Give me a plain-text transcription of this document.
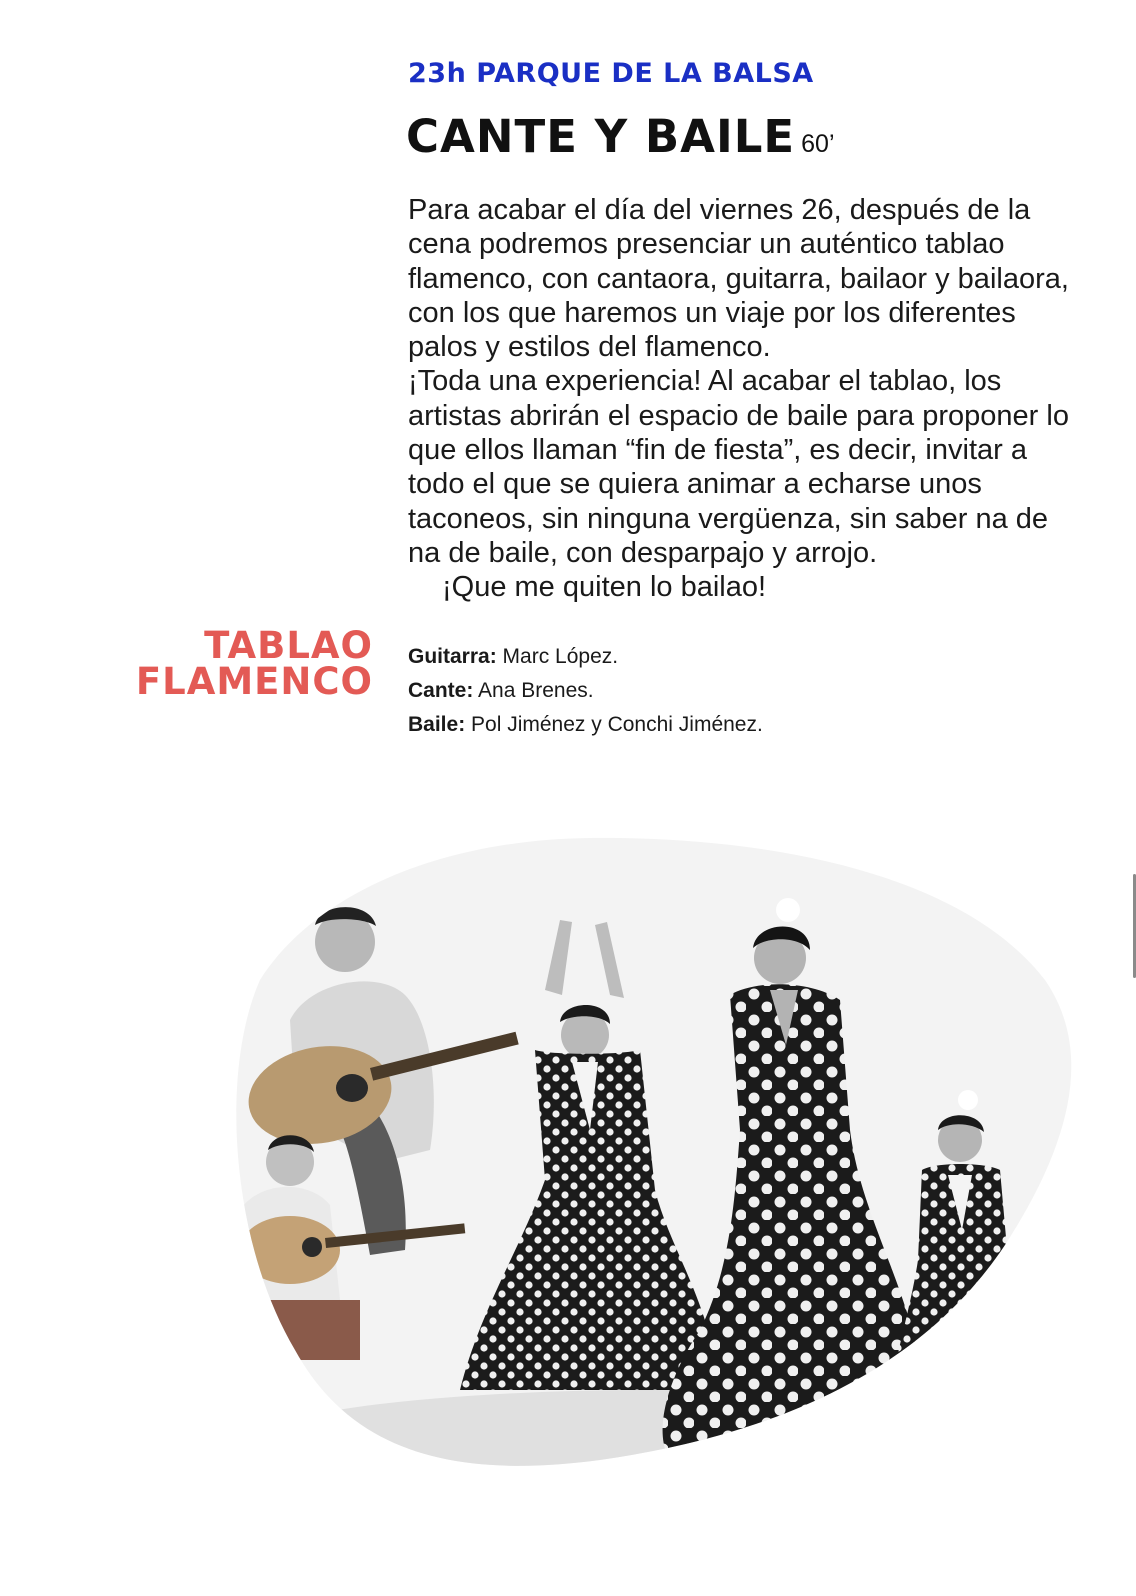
23h PARQUE DE LA BALSA
CANTE Y BAILE 60’

Para acabar el día del viernes 26, después de la cena podremos presenciar un auténtico tablao flamenco, con cantaora, guitarra, bailaor y bailaora, con los que haremos un viaje por los diferentes palos y estilos del flamenco.

¡Toda una experiencia! Al acabar el tablao, los artistas abrirán el espacio de baile para proponer lo que ellos llaman “fin de fiesta”, es decir, invitar a todo el que se quiera animar a echarse unos taconeos, sin ninguna vergüenza, sin saber na de na de baile, con desparpajo y arrojo.

¡Que me quiten lo bailao!

TABLAO
FLAMENCO
Guitarra: Marc López.
Cante: Ana Brenes.
Baile: Pol Jiménez y Conchi Jiménez.
